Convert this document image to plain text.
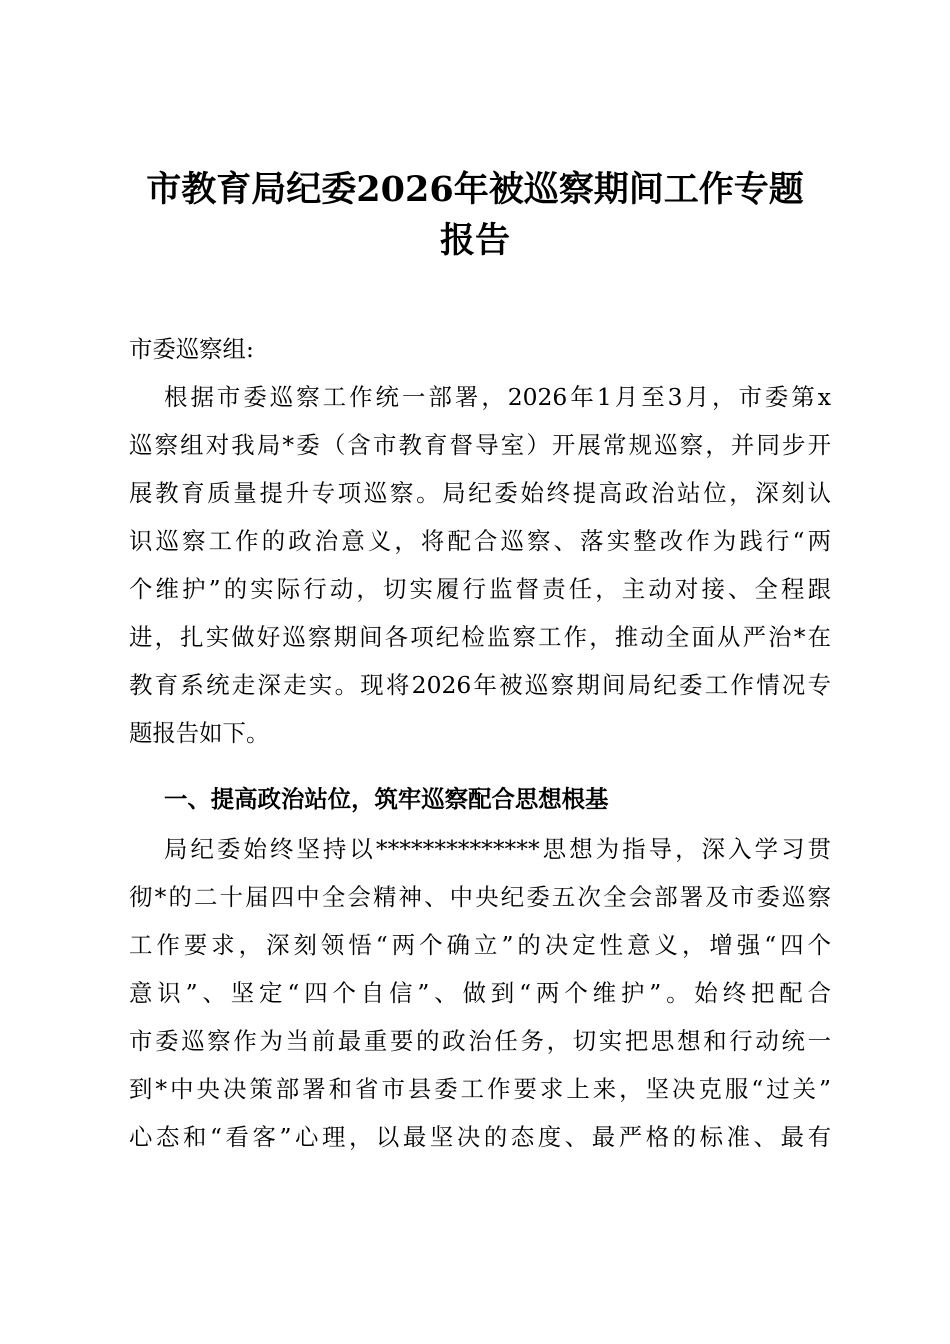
市教育局纪委2026年被巡察期间工作专题
报告
市委巡察组:
根据市委巡察工作统一部署，2026年1月至3月，市委第x
巡察组对我局*委（含市教育督导室）开展常规巡察，并同步开
展教育质量提升专项巡察。局纪委始终提高政治站位，深刻认
识巡察工作的政治意义，将配合巡察、落实整改作为践行“两
个维护”的实际行动，切实履行监督责任，主动对接、全程跟
进，扎实做好巡察期间各项纪检监察工作，推动全面从严治*在
教育系统走深走实。现将2026年被巡察期间局纪委工作情况专
题报告如下。
一、提高政治站位，筑牢巡察配合思想根基
局纪委始终坚持以**************思想为指导，深入学习贯
彻*的二十届四中全会精神、中央纪委五次全会部署及市委巡察
工作要求，深刻领悟“两个确立”的决定性意义，增强“四个
意识”、坚定“四个自信”、做到“两个维护”。始终把配合
市委巡察作为当前最重要的政治任务，切实把思想和行动统一
到*中央决策部署和省市县委工作要求上来，坚决克服“过关”
心态和“看客”心理，以最坚决的态度、最严格的标准、最有
